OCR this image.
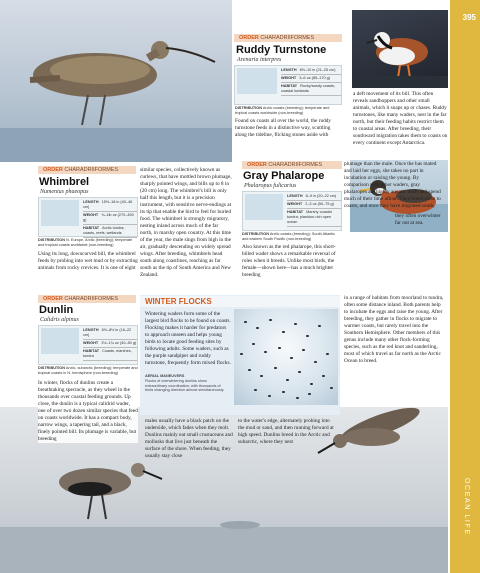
395
ORDER CHARADRIIFORMES
Ruddy Turnstone
Arenaria interpres
LENGTH 8½–10 in (21–25 cm)
WEIGHT 3–6 oz (85–170 g)
HABITAT Rocky/sandy coasts; coastal lowlands
DISTRIBUTION Arctic coasts (breeding); temperate and tropical coasts worldwide (non-breeding)
Found on coasts all over the world, the ruddy turnstone feeds in a distinctive way, scuttling along the tideline, flicking stones aside with
a deft movement of its bill. This often reveals sandhoppers and other small animals, which it snaps up or chases. Ruddy turnstones, like many waders, nest in the far north, but their feeding habits restrict them to coastal areas. After breeding, their southward migration takes them to coasts on every continent except Antarctica.
ORDER CHARADRIIFORMES
Whimbrel
Numenius phaeopus
LENGTH 15½–18 in (40–46 cm)
WEIGHT ¾–1lb oz (270–450 g)
HABITAT Arctic tundra; coasts, reefs, wetlands
DISTRIBUTION N. Europe, Arctic (breeding); temperate and tropical coasts worldwide (non-breeding)
Using its long, downcurved bill, the whimbrel feeds by probing into wet mud or by extracting animals from rocky crevices. It is one of eight
similar species, collectively known as curlews, that have mottled brown plumage, sharply pointed wings, and bills up to 8 in (20 cm) long. The whimbrel's bill is only half this length, but it is a precision instrument, with sensitive nerve-endings at its tip that enable the bird to feel for buried food. The whimbrel is strongly migratory, nesting inland across much of the far north, in marshy open country. At this time of the year, the male sings from high in the air, gradually descending on widely spread wings. After breeding, whimbrels head south along coastlines, reaching as far south as the tip of South America and New Zealand.
ORDER CHARADRIIFORMES
Gray Phalarope
Phalaropus fulicarius
LENGTH 8–9 in (20–22 cm)
WEIGHT 2–3 oz (50–75 g)
HABITAT Marshy coastal tundra; plankton-rich open ocean
DISTRIBUTION Arctic coasts (breeding); South Atlantic and eastern South Pacific (non-breeding)
Also known as the red phalarope, this short-billed wader shows a remarkable reversal of roles when it breeds. Unlike most birds, the female—shown here—has a much brighter breeding
plumage than the male. Once the has mated and laid her eggs, she takes no part in incubation or raising the young. By comparison with other waders, gray phalaropes are highly aquatic birds and spend much of their time afloat. They breed close to coasts, and once they have migrated south,
they often overwinter far out at sea.
ORDER CHARADRIIFORMES
Dunlin
Calidris alpinus
LENGTH 6½–8½ in (16–22 cm)
WEIGHT 1½–1¾ oz (40–50 g)
HABITAT Coasts, marshes, tundra
DISTRIBUTION Arctic, subarctic (breeding); temperate and tropical coasts in N. hemisphere (non-breeding)
In winter, flocks of dunlins create a breathtaking spectacle, as they wheel in the thousands over coastal feeding grounds. Up close, the dunlin is a typical calidrid wader, one of over two dozen similar species that feed on coasts worldwide. It has a compact body, narrow wings, a tapering tail, and a black, finely pointed bill. Its plumage is variable, but breeding
males usually have a black patch on the underside, which fades when they molt. Dunlins mainly eat small crustaceans and mollusks that live just beneath the surface of the shore. When feeding, they usually stay close
to the water's edge, alternately probing into the mud or sand, and then running forward at high speed. Dunlins breed in the Arctic and subarctic, where they nest
in a range of habitats from moorland to tundra, often some distance inland. Both parents help to incubate the eggs and raise the young. After breeding, they gather in flocks to migrate to warmer coasts, but rarely travel into the Southern Hemisphere. Other members of this genus include many other flock-forming species, such as the red knot and sanderling, most of which travel as far north as the Arctic Ocean to breed.
WINTER FLOCKS
Wintering waders form some of the largest bird flocks to be found on coasts. Flocking makes it harder for predators to approach unseen and helps young birds to locate good feeding sites by following adults. Some waders, such as the purple sandpiper and ruddy turnstone, frequently form mixed flocks.
AERIAL MANEUVERS
Flocks of overwintering dunlins show extraordinary coordination, with thousands of birds changing direction almost simultaneously.
